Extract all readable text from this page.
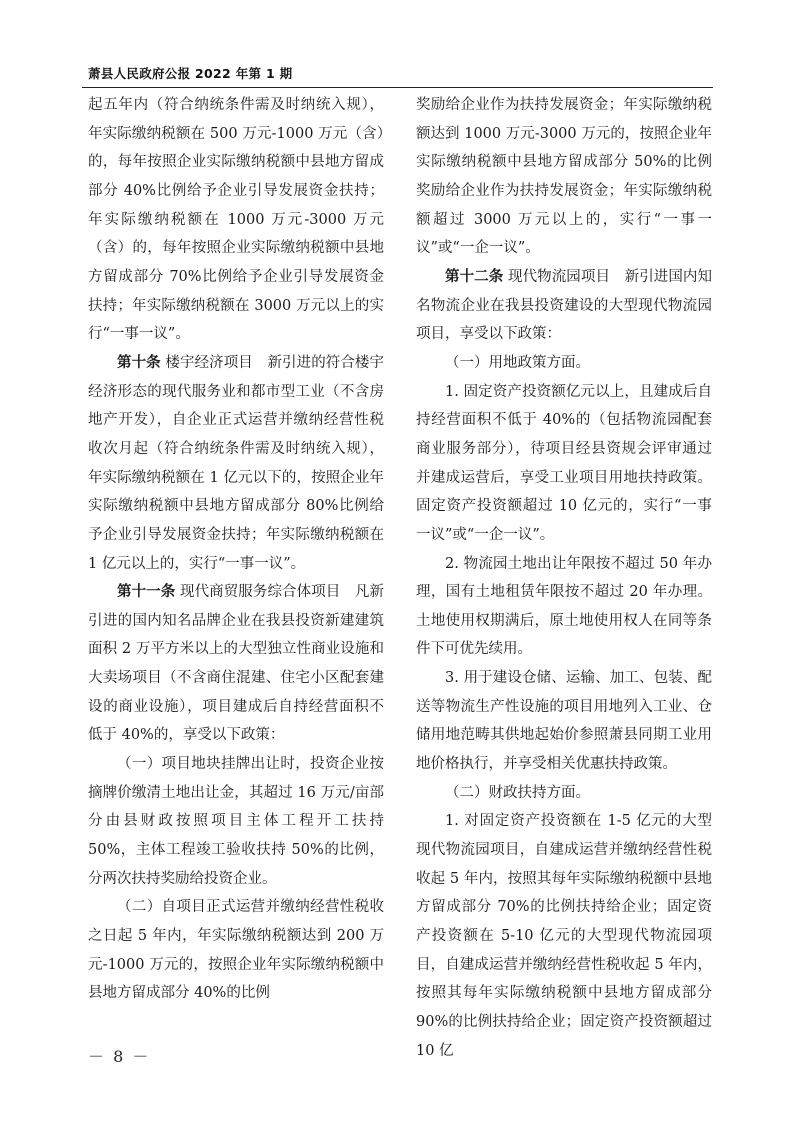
萧县人民政府公报 2022 年第 1 期

起五年内（符合纳统条件需及时纳统入规），年实际缴纳税额在 500 万元-1000 万元（含）的，每年按照企业实际缴纳税额中县地方留成部分 40%比例给予企业引导发展资金扶持；年实际缴纳税额在 1000 万元-3000 万元（含）的，每年按照企业实际缴纳税额中县地方留成部分 70%比例给予企业引导发展资金扶持；年实际缴纳税额在 3000 万元以上的实行“一事一议”。

第十条 楼宇经济项目　新引进的符合楼宇经济形态的现代服务业和都市型工业（不含房地产开发），自企业正式运营并缴纳经营性税收次月起（符合纳统条件需及时纳统入规），年实际缴纳税额在 1 亿元以下的，按照企业年实际缴纳税额中县地方留成部分 80%比例给予企业引导发展资金扶持；年实际缴纳税额在 1 亿元以上的，实行“一事一议”。

第十一条 现代商贸服务综合体项目　凡新引进的国内知名品牌企业在我县投资新建建筑面积 2 万平方米以上的大型独立性商业设施和大卖场项目（不含商住混建、住宅小区配套建设的商业设施），项目建成后自持经营面积不低于 40%的，享受以下政策：

（一）项目地块挂牌出让时，投资企业按摘牌价缴清土地出让金，其超过 16 万元/亩部分由县财政按照项目主体工程开工扶持 50%，主体工程竣工验收扶持 50%的比例，分两次扶持奖励给投资企业。

（二）自项目正式运营并缴纳经营性税收之日起 5 年内，年实际缴纳税额达到 200 万元-1000 万元的，按照企业年实际缴纳税额中县地方留成部分 40%的比例

奖励给企业作为扶持发展资金；年实际缴纳税额达到 1000 万元-3000 万元的，按照企业年实际缴纳税额中县地方留成部分 50%的比例奖励给企业作为扶持发展资金；年实际缴纳税额超过 3000 万元以上的，实行“一事一议”或“一企一议”。

第十二条 现代物流园项目　新引进国内知名物流企业在我县投资建设的大型现代物流园项目，享受以下政策：

（一）用地政策方面。

1. 固定资产投资额亿元以上，且建成后自持经营面积不低于 40%的（包括物流园配套商业服务部分），待项目经县资规会评审通过并建成运营后，享受工业项目用地扶持政策。固定资产投资额超过 10 亿元的，实行“一事一议”或“一企一议”。

2. 物流园土地出让年限按不超过 50 年办理，国有土地租赁年限按不超过 20 年办理。土地使用权期满后，原土地使用权人在同等条件下可优先续用。

3. 用于建设仓储、运输、加工、包装、配送等物流生产性设施的项目用地列入工业、仓储用地范畴其供地起始价参照萧县同期工业用地价格执行，并享受相关优惠扶持政策。

（二）财政扶持方面。

1. 对固定资产投资额在 1-5 亿元的大型现代物流园项目，自建成运营并缴纳经营性税收起 5 年内，按照其每年实际缴纳税额中县地方留成部分 70%的比例扶持给企业；固定资产投资额在 5-10 亿元的大型现代物流园项目，自建成运营并缴纳经营性税收起 5 年内，按照其每年实际缴纳税额中县地方留成部分 90%的比例扶持给企业；固定资产投资额超过 10 亿

－ 8 －
